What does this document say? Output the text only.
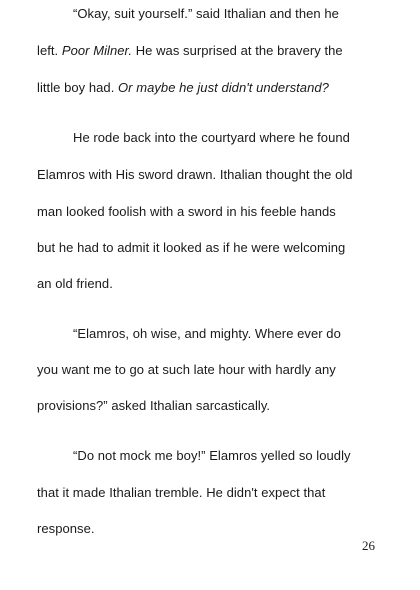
“Okay, suit yourself.” said Ithalian and then he
left. Poor Milner. He was surprised at the bravery the
little boy had. Or maybe he just didn't understand?
He rode back into the courtyard where he found
Elamros with His sword drawn. Ithalian thought the old
man looked foolish with a sword in his feeble hands
but he had to admit it looked as if he were welcoming
an old friend.
“Elamros, oh wise, and mighty. Where ever do
you want me to go at such late hour with hardly any
provisions?” asked Ithalian sarcastically.
“Do not mock me boy!” Elamros yelled so loudly
that it made Ithalian tremble. He didn't expect that
response.
26
